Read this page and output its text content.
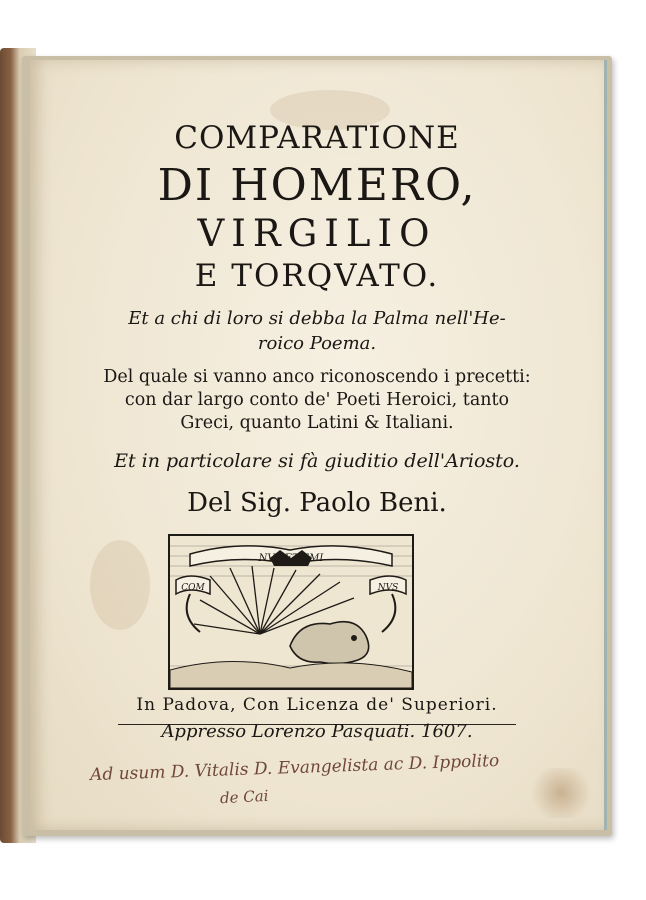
COMPARATIONE
DI HOMERO,
VIRGILIO
E TORQVATO.
Et a chi di loro si debba la Palma nell'He-
roico Poema.
Del quale si vanno anco riconoscendo i precetti:
con dar largo conto de' Poeti Heroici, tanto
Greci, quanto Latini & Italiani.
Et in particolare si fà giuditio dell'Ariosto.
Del Sig. Paolo Beni.
NVS ET EMI
COM	NVS
In Padova, Con Licenza de' Superiori.
Appresso Lorenzo Pasquati. 1607.
Ad usum D. Vitalis D. Evangelista ac D. Ippolito
de Cai
